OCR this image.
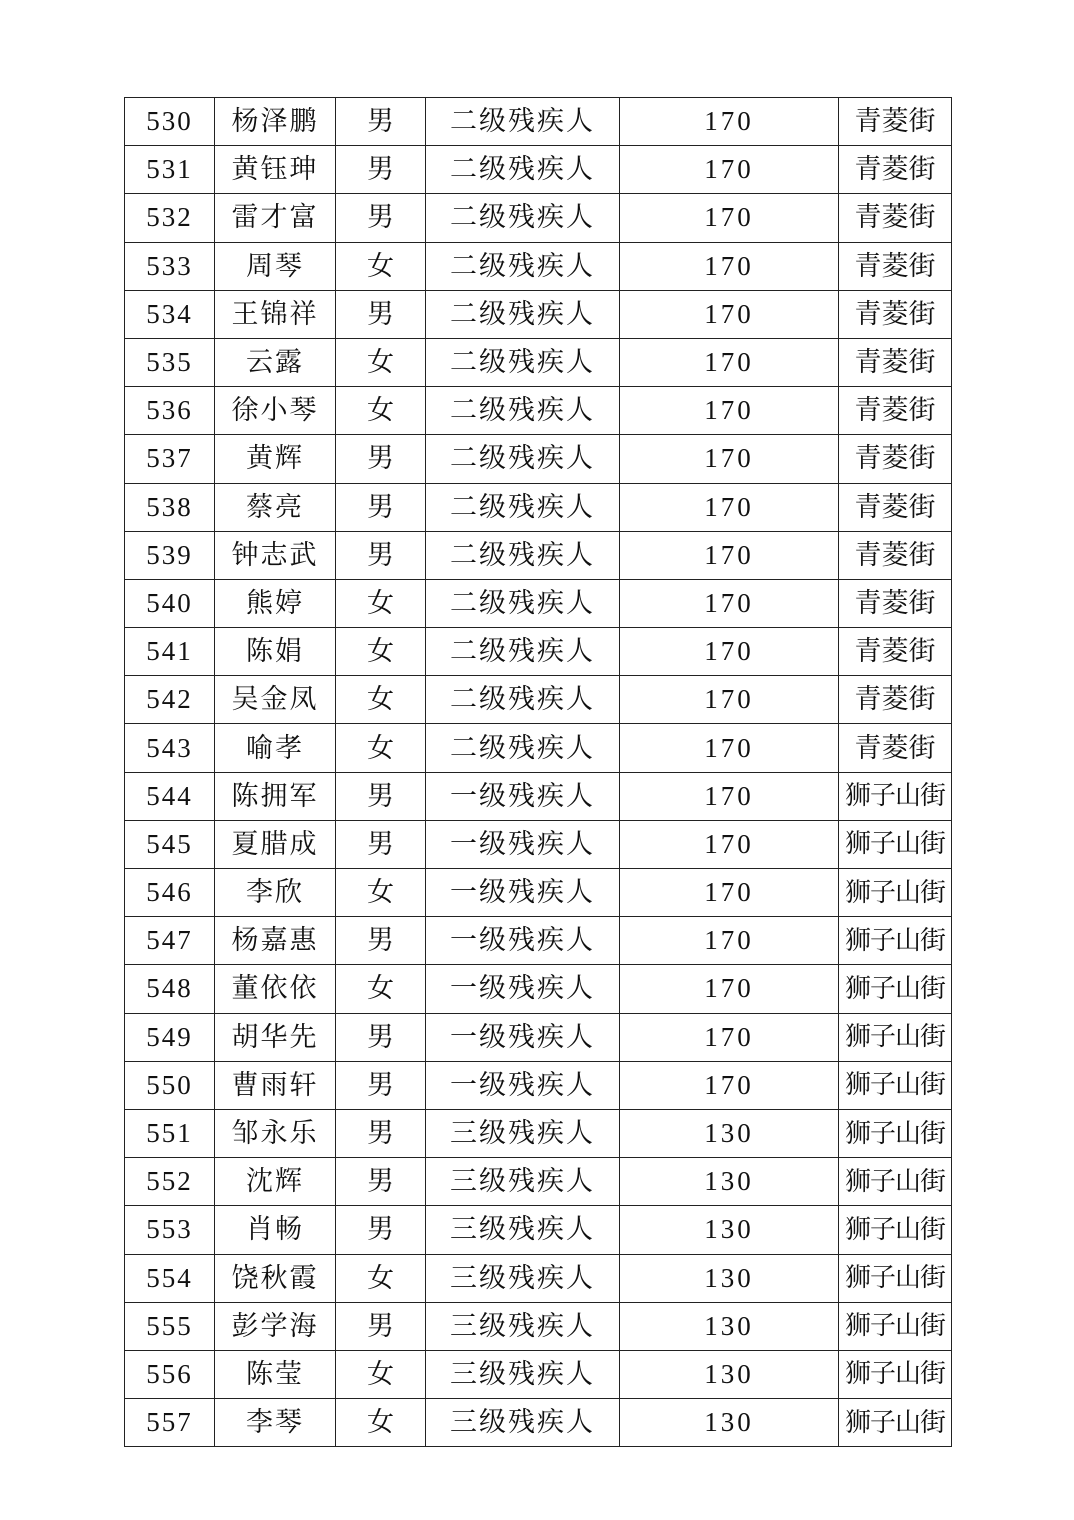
530	杨泽鹏	男	二级残疾人	170	青菱街
531	黄钰珅	男	二级残疾人	170	青菱街
532	雷才富	男	二级残疾人	170	青菱街
533	周琴	女	二级残疾人	170	青菱街
534	王锦祥	男	二级残疾人	170	青菱街
535	云露	女	二级残疾人	170	青菱街
536	徐小琴	女	二级残疾人	170	青菱街
537	黄辉	男	二级残疾人	170	青菱街
538	蔡亮	男	二级残疾人	170	青菱街
539	钟志武	男	二级残疾人	170	青菱街
540	熊婷	女	二级残疾人	170	青菱街
541	陈娟	女	二级残疾人	170	青菱街
542	吴金凤	女	二级残疾人	170	青菱街
543	喻孝	女	二级残疾人	170	青菱街
544	陈拥军	男	一级残疾人	170	狮子山街
545	夏腊成	男	一级残疾人	170	狮子山街
546	李欣	女	一级残疾人	170	狮子山街
547	杨嘉惠	男	一级残疾人	170	狮子山街
548	董依依	女	一级残疾人	170	狮子山街
549	胡华先	男	一级残疾人	170	狮子山街
550	曹雨轩	男	一级残疾人	170	狮子山街
551	邹永乐	男	三级残疾人	130	狮子山街
552	沈辉	男	三级残疾人	130	狮子山街
553	肖畅	男	三级残疾人	130	狮子山街
554	饶秋霞	女	三级残疾人	130	狮子山街
555	彭学海	男	三级残疾人	130	狮子山街
556	陈莹	女	三级残疾人	130	狮子山街
557	李琴	女	三级残疾人	130	狮子山街
